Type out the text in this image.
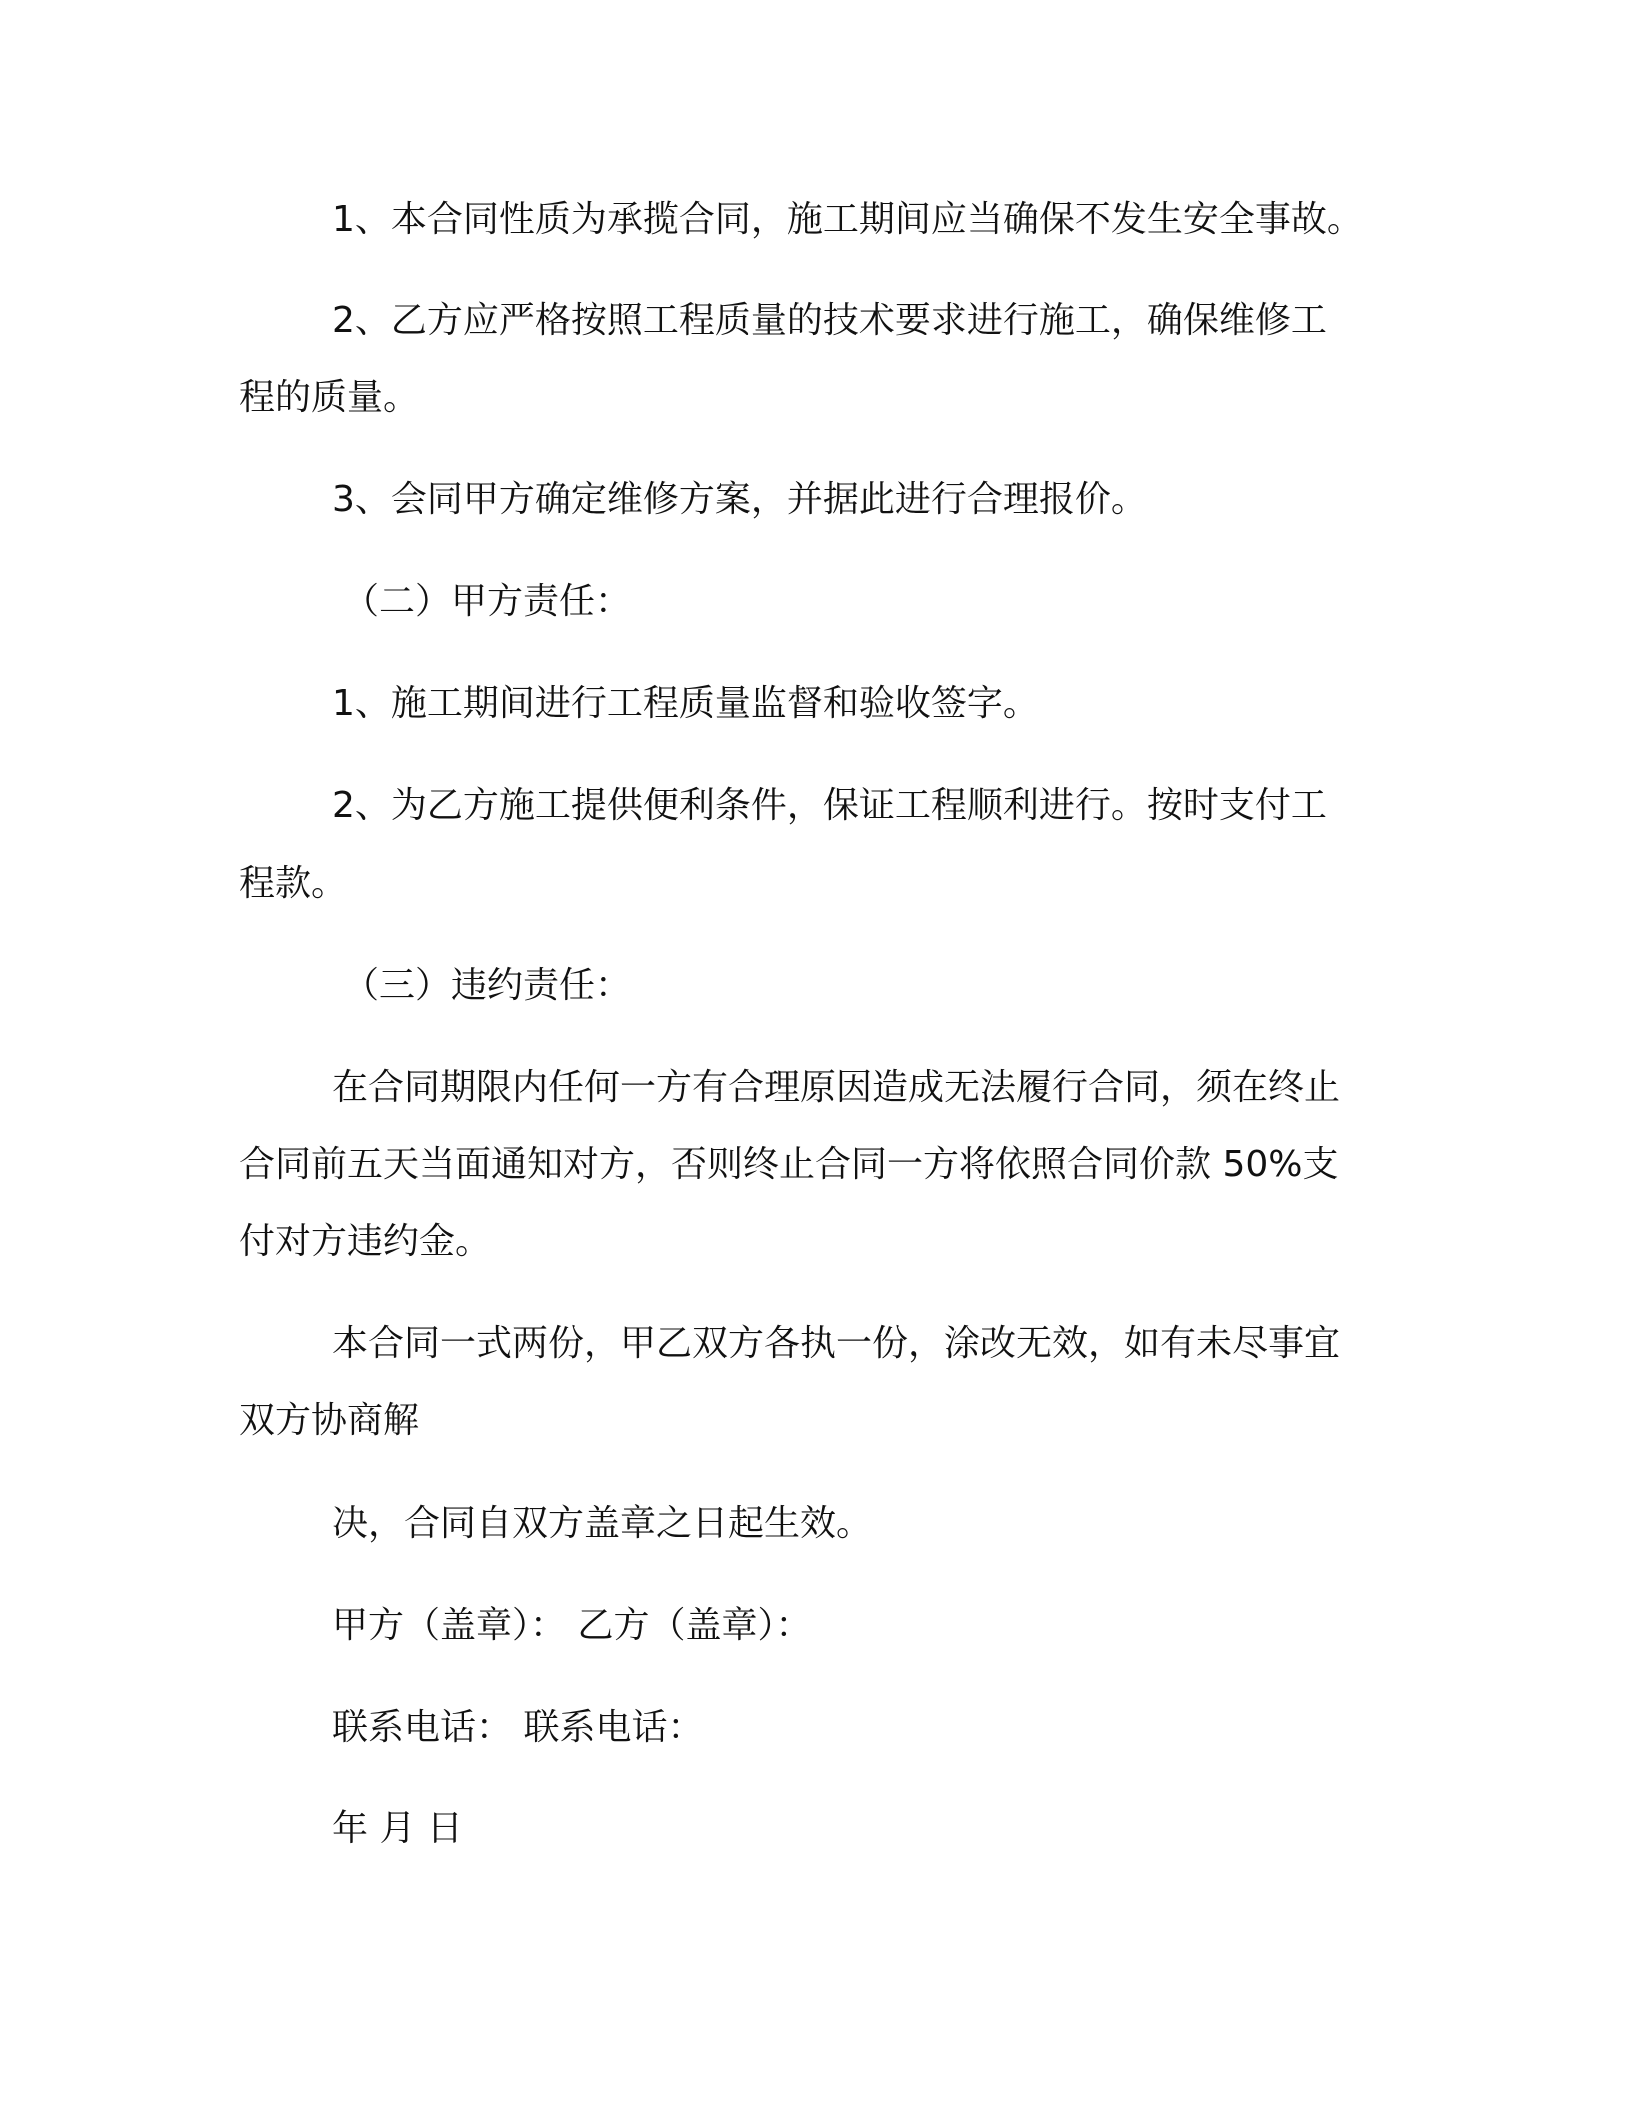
1、本合同性质为承揽合同，施工期间应当确保不发生安全事故。
2、乙方应严格按照工程质量的技术要求进行施工，确保维修工
程的质量。
3、会同甲方确定维修方案，并据此进行合理报价。
（二）甲方责任：
1、施工期间进行工程质量监督和验收签字。
2、为乙方施工提供便利条件，保证工程顺利进行。按时支付工
程款。
（三）违约责任：
在合同期限内任何一方有合理原因造成无法履行合同，须在终止
合同前五天当面通知对方，否则终止合同一方将依照合同价款 50%支
付对方违约金。
本合同一式两份，甲乙双方各执一份，涂改无效，如有未尽事宜
双方协商解
决，合同自双方盖章之日起生效。
甲方（盖章）： 乙方（盖章）：
联系电话： 联系电话：
年 月 日
